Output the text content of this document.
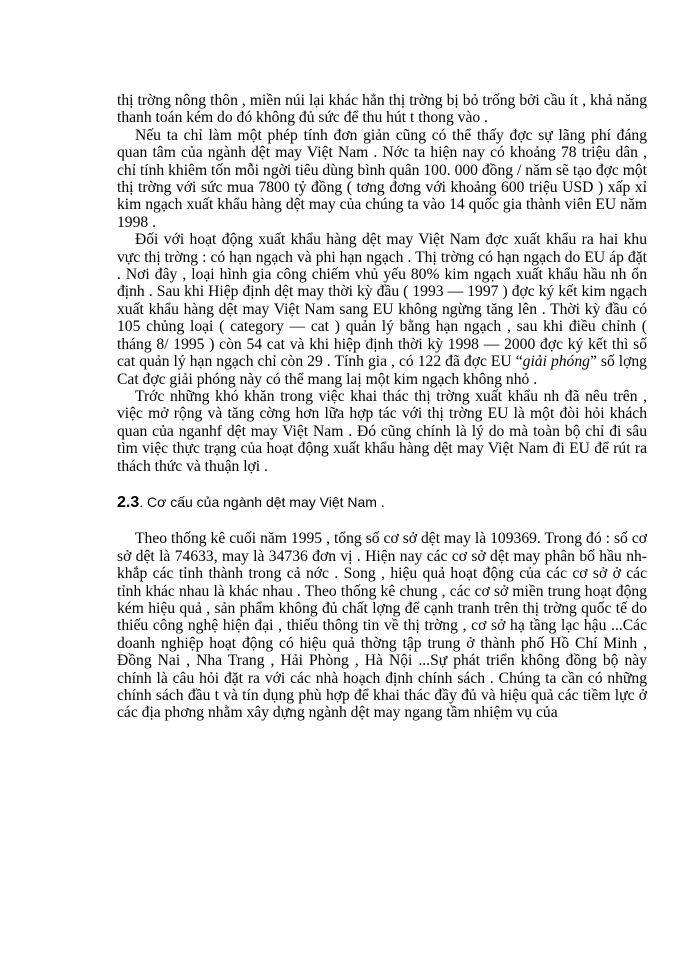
thị trờng nông thôn , miền núi lại khác hẳn thị trờng bị bỏ trống bởi cầu ít , khả năng thanh toán kém do đó không đủ sức để thu hút t thong vào .

Nếu ta chỉ làm một phép tính đơn giản cũng có thể thấy đợc sự lãng phí đáng quan tâm của ngành dệt may Việt Nam . Nớc ta hiện nay có khoảng 78 triệu dân , chỉ tính khiêm tốn mỗi ngời tiêu dùng bình quân 100. 000 đồng / năm sẽ tạo đợc một thị trờng với sức mua 7800 tỷ đồng ( tơng đơng với khoảng 600 triệu USD ) xấp xỉ kim ngạch xuất khẩu hàng dệt may của chúng ta vào 14 quốc gia thành viên EU năm 1998 .

Đối với hoạt động xuất khẩu hàng dệt may Việt Nam đợc xuất khẩu ra hai khu vực thị trờng : có hạn ngạch và phi hạn ngạch . Thị trờng có hạn ngạch do EU áp đặt . Nơi đây , loại hình gia công chiếm vhủ yếu 80% kim ngạch xuất khẩu hầu nh ổn định . Sau khi Hiệp định dệt may thời kỳ đầu ( 1993 — 1997 ) đợc ký kết kim ngạch xuất khẩu hàng dệt may Việt Nam sang EU không ngừng tăng lên . Thời kỳ đầu có 105 chủng loại ( category — cat ) quản lý bằng hạn ngạch , sau khi điều chỉnh ( tháng 8/ 1995 ) còn 54 cat và khi hiệp định thời kỳ 1998 — 2000 đợc ký kết thì số cat quản lý hạn ngạch chỉ còn 29 . Tính gia , có 122 đã đợc EU “giải phóng” số lợng Cat đợc giải phóng này có thể mang laị một kim ngạch không nhỏ .

Trớc những khó khăn trong việc khai thác thị trờng xuất khẩu nh đã nêu trên , việc mở rộng và tăng cờng hơn lữa hợp tác với thị trờng EU là một đòi hỏi khách quan của nganhf dệt may Việt Nam . Đó cũng chính là lý do mà toàn bộ chỉ đi sâu tìm việc thực trạng của hoạt động xuất khẩu hàng dệt may Việt Nam đi EU để rút ra thách thức và thuận lợi .

2.3. Cơ cấu của ngành dệt may Việt Nam .

Theo thống kê cuối năm 1995 , tổng số cơ sở dệt may là 109369. Trong đó : số cơ sở dệt là 74633, may là 34736 đơn vị . Hiện nay các cơ sở dệt may phân bố hầu nh khắp các tỉnh thành trong cả nớc . Song , hiệu quả hoạt động của các cơ sở ở các tỉnh khác nhau là khác nhau . Theo thống kê chung , các cơ sở miền trung hoạt động kém hiệu quả , sản phẩm không đủ chất lợng để cạnh tranh trên thị trờng quốc tế do thiếu công nghệ hiện đại , thiếu thông tin về thị trờng , cơ sở hạ tầng lạc hậu ...Các doanh nghiệp hoạt động có hiệu quả thờng tập trung ở thành phố Hồ Chí Minh , Đồng Nai , Nha Trang , Hải Phòng , Hà Nội ...Sự phát triển không đồng bộ này chính là câu hỏi đặt ra với các nhà hoạch định chính sách . Chúng ta cần có những chính sách đầu t và tín dụng phù hợp để khai thác đầy đủ và hiệu quả các tiềm lực ở các địa phơng nhằm xây dựng ngành dệt may ngang tầm nhiệm vụ của
